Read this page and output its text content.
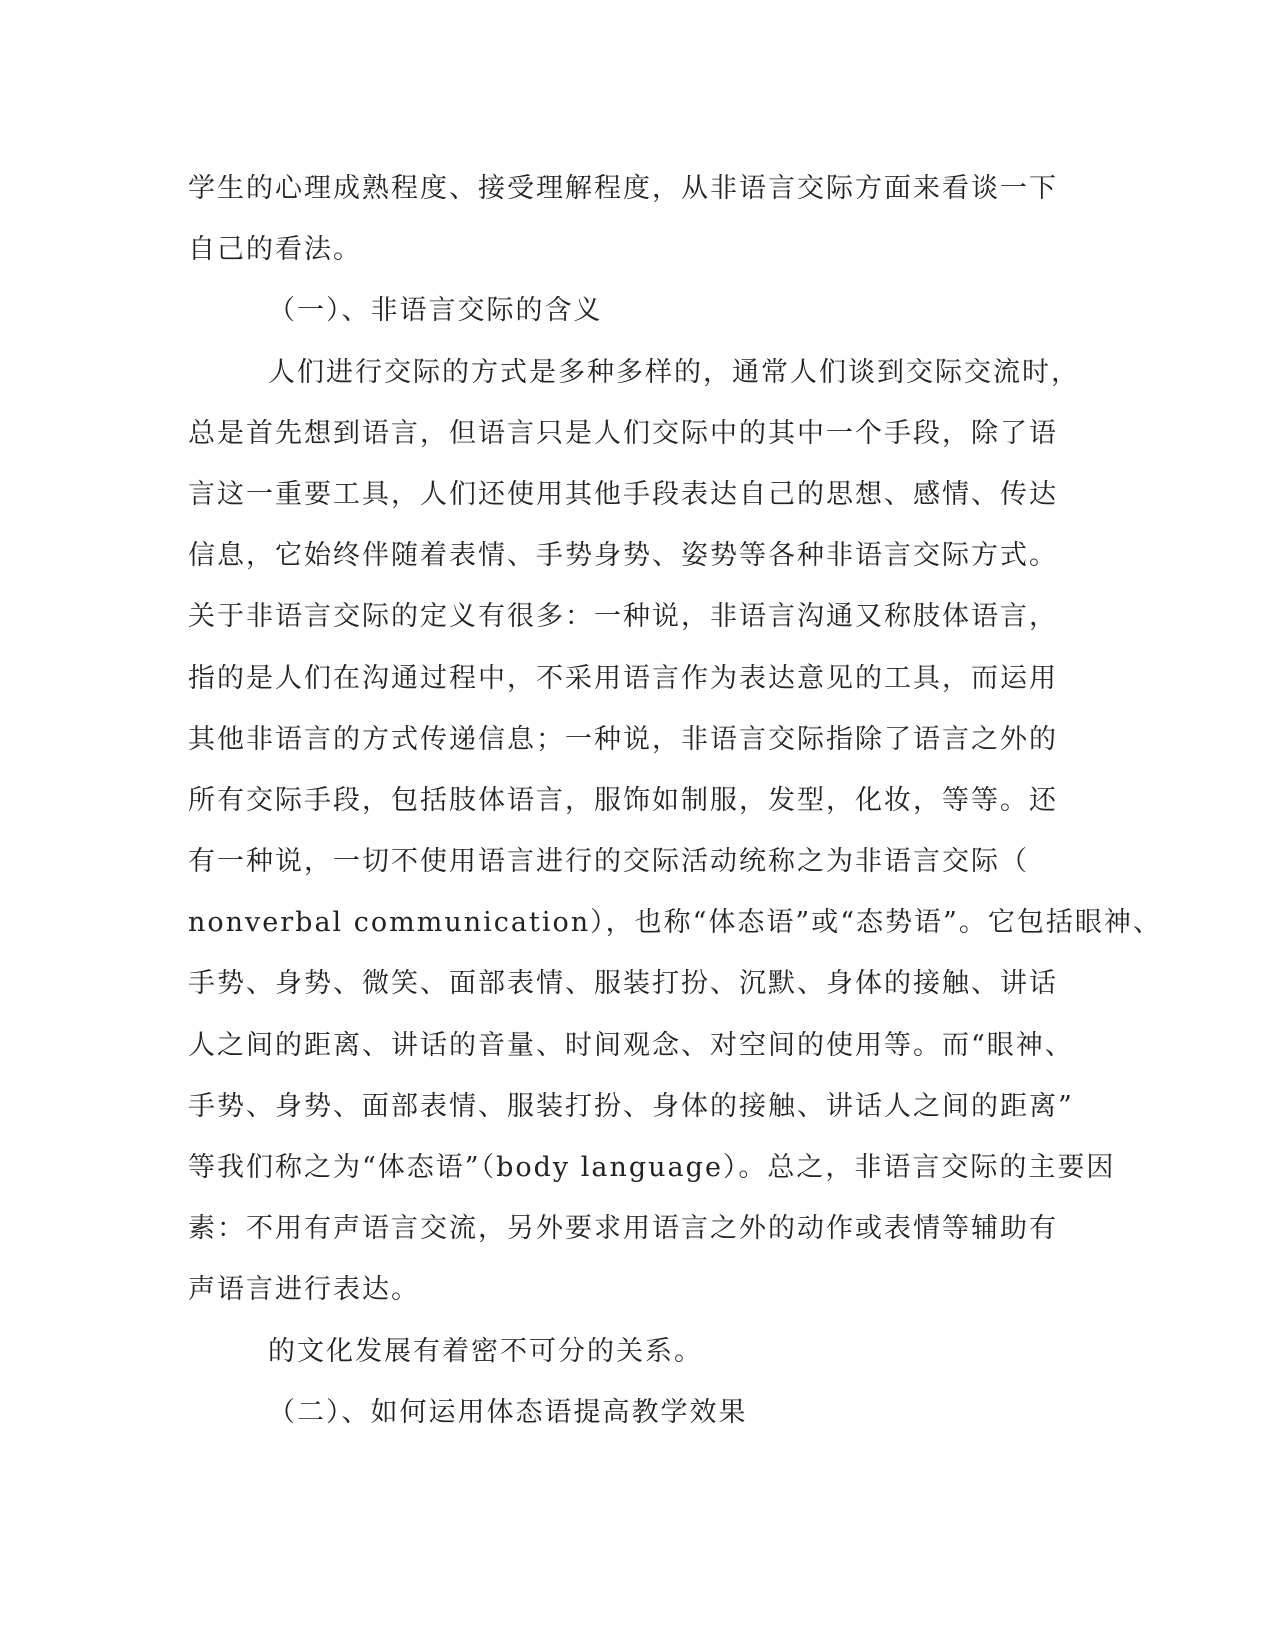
学生的心理成熟程度、接受理解程度，从非语言交际方面来看谈一下
自己的看法。
（一）、非语言交际的含义
人们进行交际的方式是多种多样的，通常人们谈到交际交流时，
总是首先想到语言，但语言只是人们交际中的其中一个手段，除了语
言这一重要工具，人们还使用其他手段表达自己的思想、感情、传达
信息，它始终伴随着表情、手势身势、姿势等各种非语言交际方式。
关于非语言交际的定义有很多：一种说，非语言沟通又称肢体语言，
指的是人们在沟通过程中，不采用语言作为表达意见的工具，而运用
其他非语言的方式传递信息；一种说，非语言交际指除了语言之外的
所有交际手段，包括肢体语言，服饰如制服，发型，化妆，等等。还
有一种说，一切不使用语言进行的交际活动统称之为非语言交际（
nonverbal communication），也称“体态语”或“态势语”。它包括眼神、
手势、身势、微笑、面部表情、服装打扮、沉默、身体的接触、讲话
人之间的距离、讲话的音量、时间观念、对空间的使用等。而“眼神、
手势、身势、面部表情、服装打扮、身体的接触、讲话人之间的距离”
等我们称之为“体态语”（body language）。总之，非语言交际的主要因
素：不用有声语言交流，另外要求用语言之外的动作或表情等辅助有
声语言进行表达。
的文化发展有着密不可分的关系。
（二）、如何运用体态语提高教学效果
